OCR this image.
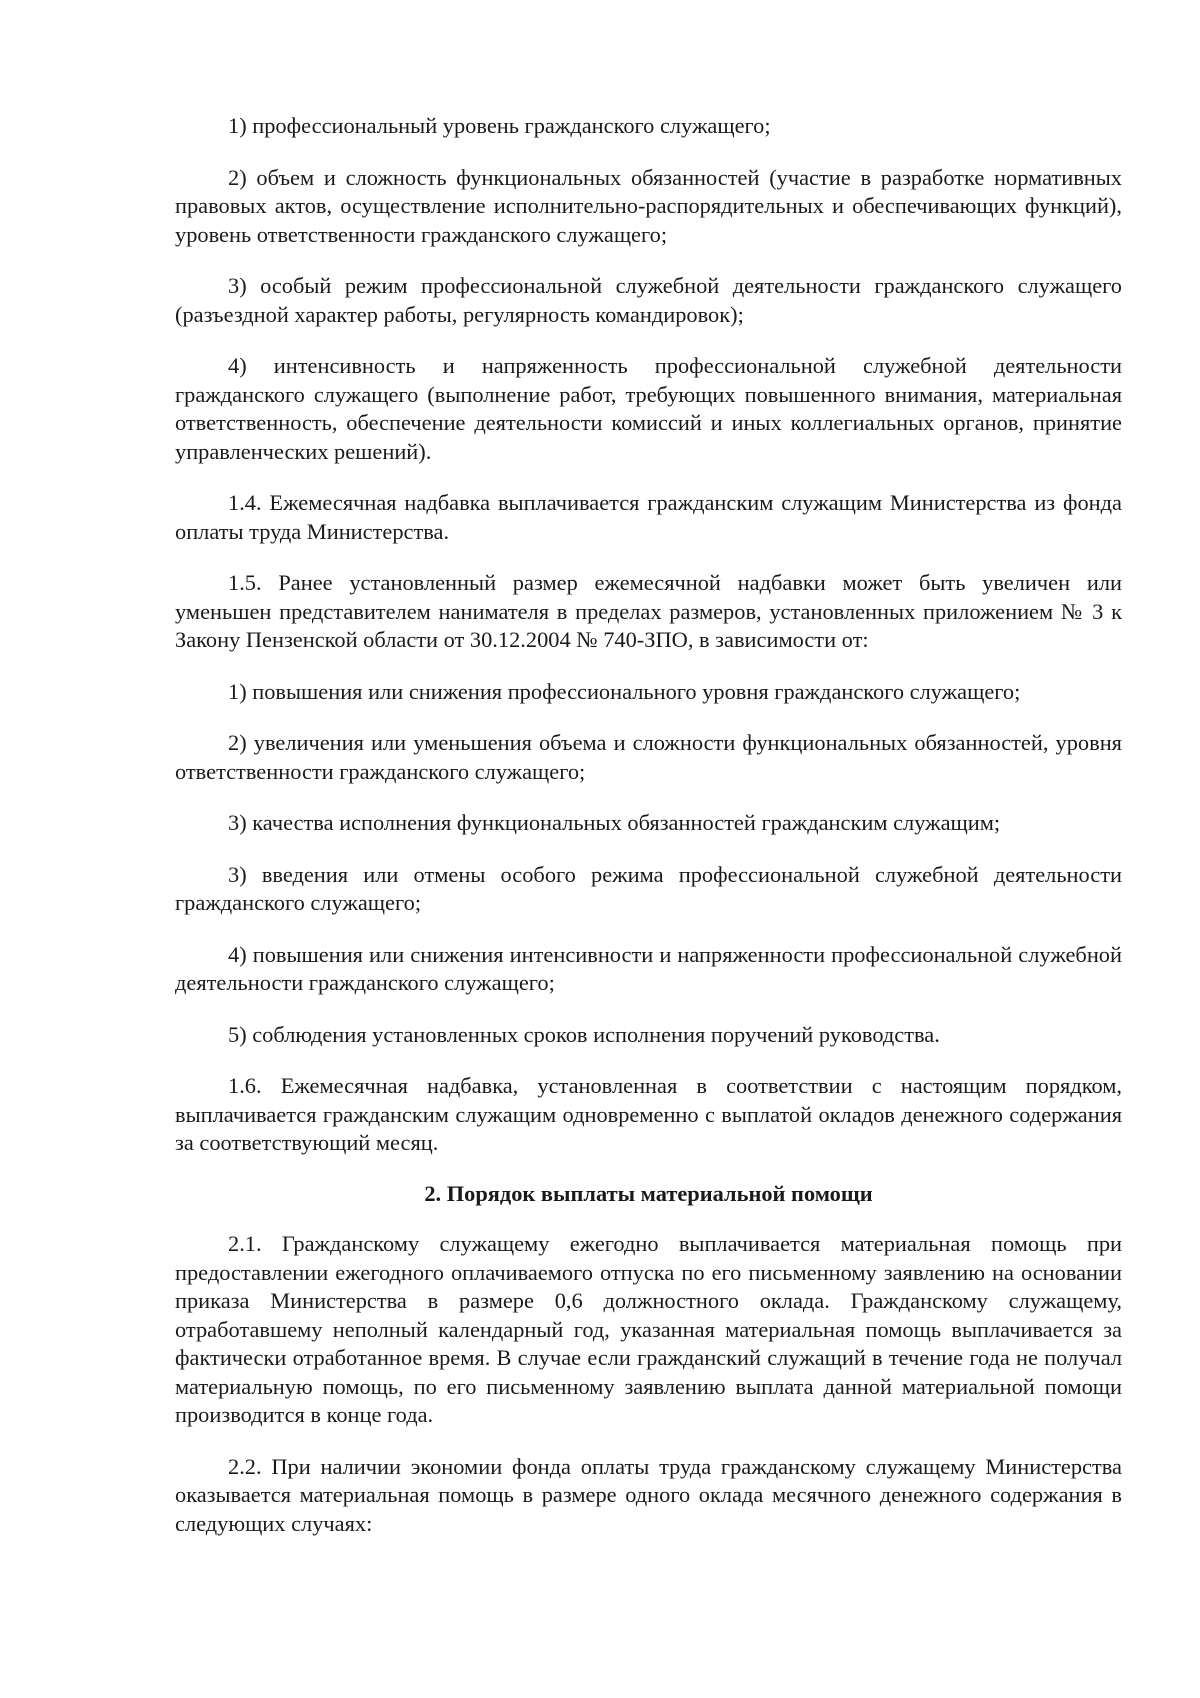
1) профессиональный уровень гражданского служащего;

2) объем и сложность функциональных обязанностей (участие в разработке нормативных правовых актов, осуществление исполнительно-распорядительных и обеспечивающих функций), уровень ответственности гражданского служащего;

3) особый режим профессиональной служебной деятельности гражданского служащего (разъездной характер работы, регулярность командировок);

4) интенсивность и напряженность профессиональной служебной деятельности гражданского служащего (выполнение работ, требующих повышенного внимания, материальная ответственность, обеспечение деятельности комиссий и иных коллегиальных органов, принятие управленческих решений).

1.4. Ежемесячная надбавка выплачивается гражданским служащим Министерства из фонда оплаты труда Министерства.

1.5. Ранее установленный размер ежемесячной надбавки может быть увеличен или уменьшен представителем нанимателя в пределах размеров, установленных приложением № 3 к Закону Пензенской области от 30.12.2004 № 740-ЗПО, в зависимости от:

1) повышения или снижения профессионального уровня гражданского служащего;

2) увеличения или уменьшения объема и сложности функциональных обязанностей, уровня ответственности гражданского служащего;

3) качества исполнения функциональных обязанностей гражданским служащим;

3) введения или отмены особого режима профессиональной служебной деятельности гражданского служащего;

4) повышения или снижения интенсивности и напряженности профессиональной служебной деятельности гражданского служащего;

5) соблюдения установленных сроков исполнения поручений руководства.

1.6. Ежемесячная надбавка, установленная в соответствии с настоящим порядком, выплачивается гражданским служащим одновременно с выплатой окладов денежного содержания за соответствующий месяц.

2. Порядок выплаты материальной помощи

2.1. Гражданскому служащему ежегодно выплачивается материальная помощь при предоставлении ежегодного оплачиваемого отпуска по его письменному заявлению на основании приказа Министерства в размере 0,6 должностного оклада. Гражданскому служащему, отработавшему неполный календарный год, указанная материальная помощь выплачивается за фактически отработанное время. В случае если гражданский служащий в течение года не получал материальную помощь, по его письменному заявлению выплата данной материальной помощи производится в конце года.

2.2. При наличии экономии фонда оплаты труда гражданскому служащему Министерства оказывается материальная помощь в размере одного оклада месячного денежного содержания в следующих случаях:
